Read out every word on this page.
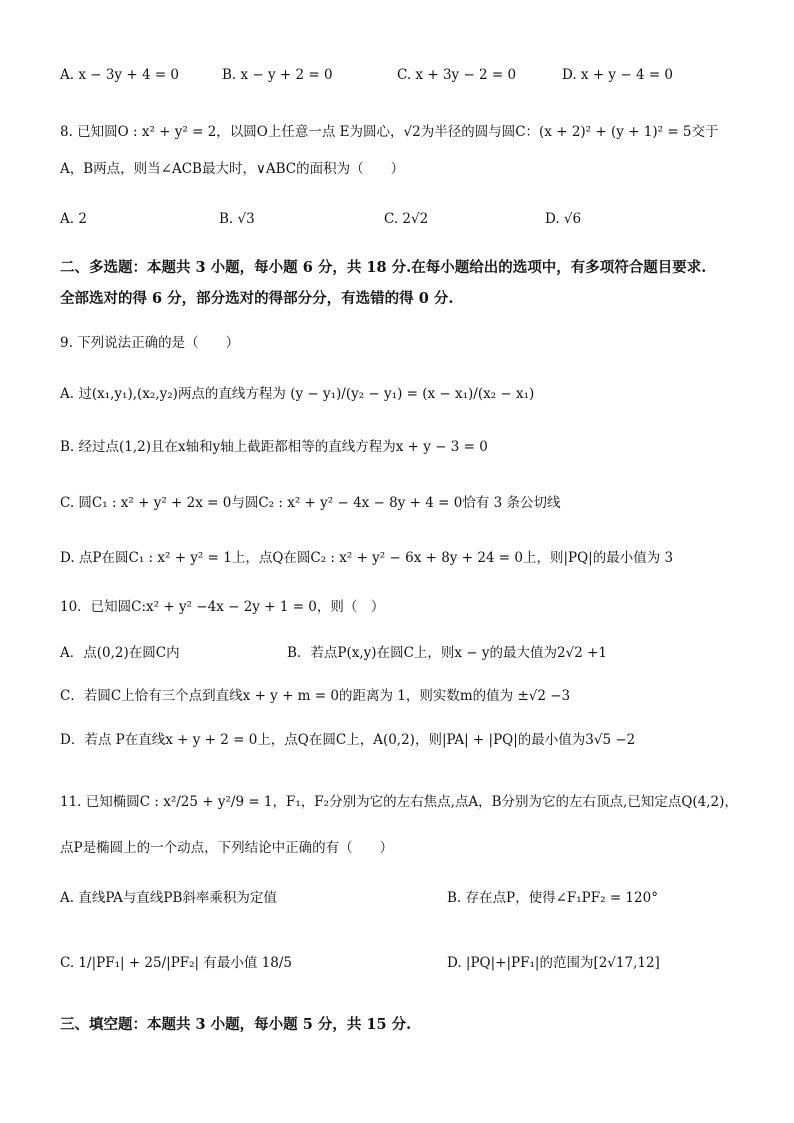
A. x − 3y + 4 = 0	B. x − y + 2 = 0	C. x + 3y − 2 = 0	D. x + y − 4 = 0
8. 已知圆O : x² + y² = 2，以圆O上任意一点 E为圆心，√2为半径的圆与圆C：(x + 2)² + (y + 1)² = 5交于
A，B两点，则当∠ACB最大时，∨ABC的面积为（　　）
A. 2	B. √3	C. 2√2	D. √6
二、多选题：本题共 3 小题，每小题 6 分，共 18 分.在每小题给出的选项中，有多项符合题目要求.
全部选对的得 6 分，部分选对的得部分分，有选错的得 0 分.
9. 下列说法正确的是（　　）
A. 过(x₁,y₁),(x₂,y₂)两点的直线方程为 (y − y₁)/(y₂ − y₁) = (x − x₁)/(x₂ − x₁)
B. 经过点(1,2)且在x轴和y轴上截距都相等的直线方程为x + y − 3 = 0
C. 圆C₁ : x² + y² + 2x = 0与圆C₂ : x² + y² − 4x − 8y + 4 = 0恰有 3 条公切线
D. 点P在圆C₁ : x² + y² = 1上，点Q在圆C₂ : x² + y² − 6x + 8y + 24 = 0上，则|PQ|的最小值为 3
10．已知圆C:x² + y² −4x − 2y + 1 = 0，则（　）
A．点(0,2)在圆C内	B．若点P(x,y)在圆C上，则x − y的最大值为2√2 +1
C．若圆C上恰有三个点到直线x + y + m = 0的距离为 1，则实数m的值为 ±√2 −3
D．若点 P在直线x + y + 2 = 0上，点Q在圆C上，A(0,2)，则|PA| + |PQ|的最小值为3√5 −2
11. 已知椭圆C : x²/25 + y²/9 = 1，F₁，F₂分别为它的左右焦点,点A，B分别为它的左右顶点,已知定点Q(4,2)，
点P是椭圆上的一个动点，下列结论中正确的有（　　）
A. 直线PA与直线PB斜率乘积为定值	B. 存在点P，使得∠F₁PF₂ = 120°
C. 1/|PF₁| + 25/|PF₂| 有最小值 18/5	D. |PQ|+|PF₁|的范围为[2√17,12]
三、填空题：本题共 3 小题，每小题 5 分，共 15 分.
